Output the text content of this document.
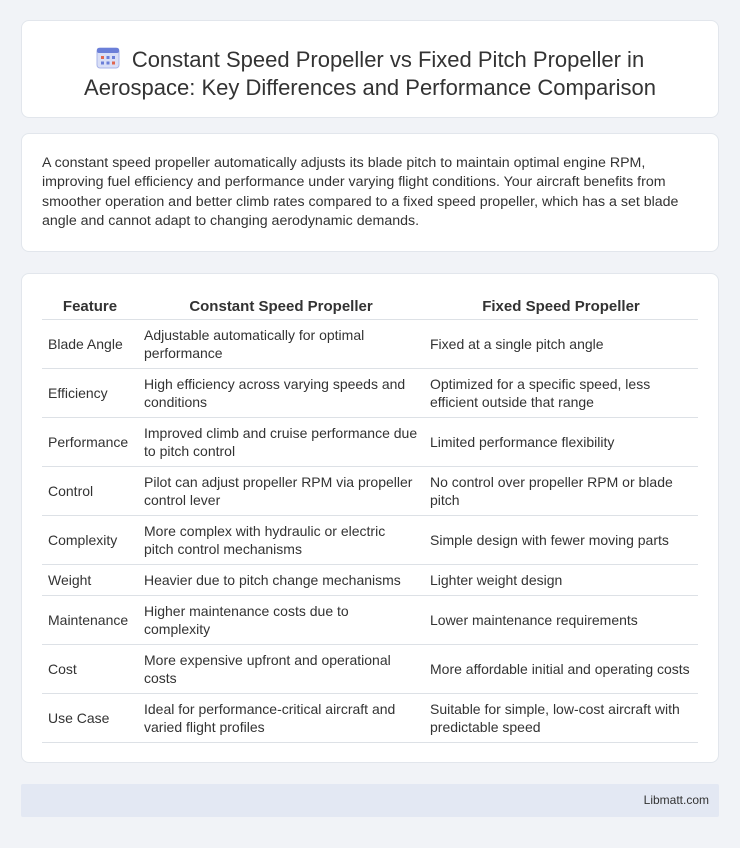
Constant Speed Propeller vs Fixed Pitch Propeller in
Aerospace: Key Differences and Performance Comparison

A constant speed propeller automatically adjusts its blade pitch to maintain optimal engine RPM, improving fuel efficiency and performance under varying flight conditions. Your aircraft benefits from smoother operation and better climb rates compared to a fixed speed propeller, which has a set blade angle and cannot adapt to changing aerodynamic demands.

Feature	Constant Speed Propeller	Fixed Speed Propeller
Blade Angle	Adjustable automatically for optimal performance	Fixed at a single pitch angle
Efficiency	High efficiency across varying speeds and conditions	Optimized for a specific speed, less efficient outside that range
Performance	Improved climb and cruise performance due to pitch control	Limited performance flexibility
Control	Pilot can adjust propeller RPM via propeller control lever	No control over propeller RPM or blade pitch
Complexity	More complex with hydraulic or electric pitch control mechanisms	Simple design with fewer moving parts
Weight	Heavier due to pitch change mechanisms	Lighter weight design
Maintenance	Higher maintenance costs due to complexity	Lower maintenance requirements
Cost	More expensive upfront and operational costs	More affordable initial and operating costs
Use Case	Ideal for performance-critical aircraft and varied flight profiles	Suitable for simple, low-cost aircraft with predictable speed
Libmatt.com
